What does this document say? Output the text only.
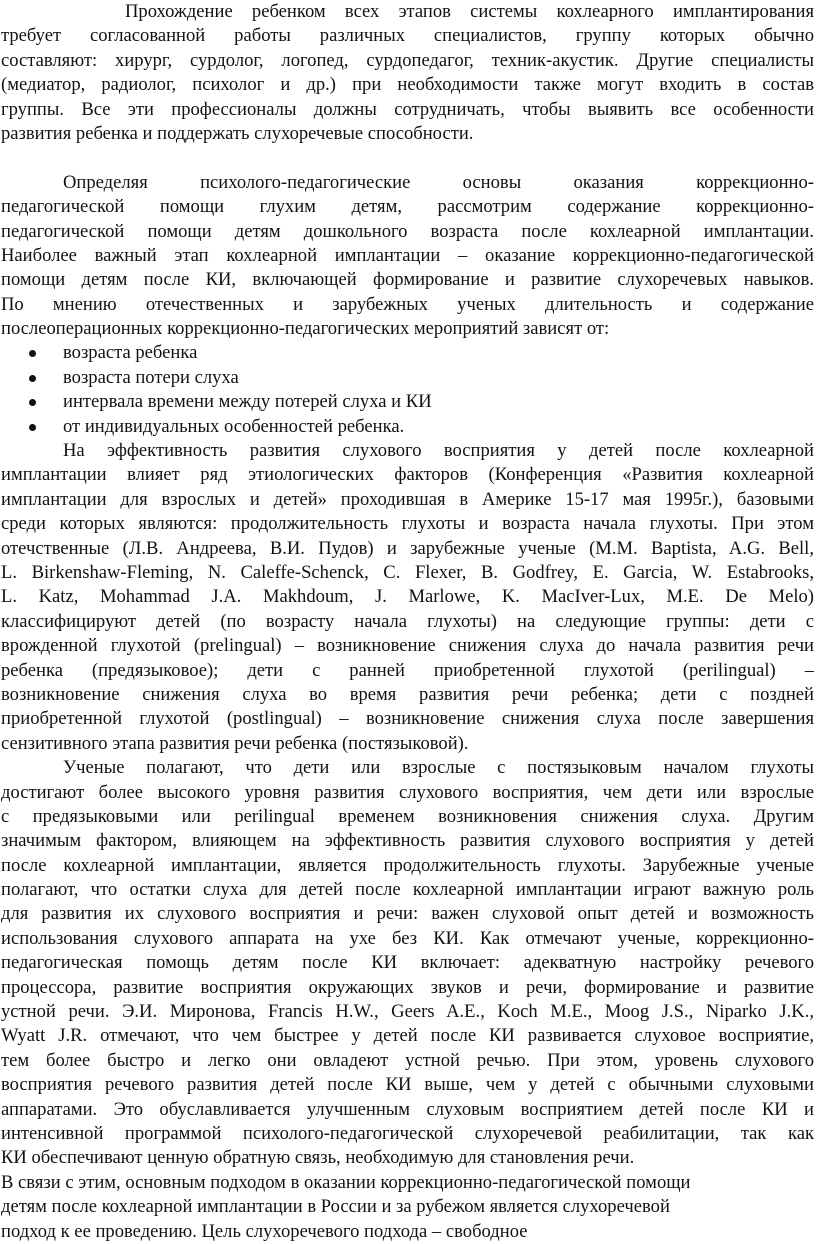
Прохождение ребенком всех этапов системы кохлеарного имплантирования
требует согласованной работы различных специалистов, группу которых обычно
составляют: хирург, сурдолог, логопед, сурдопедагог, техник-акустик. Другие специалисты
(медиатор, радиолог, психолог и др.) при необходимости также могут входить в состав
группы. Все эти профессионалы должны сотрудничать, чтобы выявить все особенности
развития ребенка и поддержать слухоречевые способности.
Определяя психолого-педагогические основы оказания коррекционно-
педагогической помощи глухим детям, рассмотрим содержание коррекционно-
педагогической помощи детям дошкольного возраста после кохлеарной имплантации.
Наиболее важный этап кохлеарной имплантации – оказание коррекционно-педагогической
помощи детям после КИ, включающей формирование и развитие слухоречевых навыков.
По мнению отечественных и зарубежных ученых длительность и содержание
послеоперационных коррекционно-педагогических мероприятий зависят от:
возраста ребенка
возраста потери слуха
интервала времени между потерей слуха и КИ
от индивидуальных особенностей ребенка.
На эффективность развития слухового восприятия у детей после кохлеарной
имплантации влияет ряд этиологических факторов (Конференция «Развития кохлеарной
имплантации для взрослых и детей» проходившая в Америке 15-17 мая 1995г.), базовыми
среди которых являются: продолжительность глухоты и возраста начала глухоты. При этом
отечственные (Л.В. Андреева, В.И. Пудов) и зарубежные ученые (M.M. Baptista, A.G. Bell,
L. Birkenshaw-Fleming, N. Caleffe-Schenck, C. Flexer, B. Godfrey, E. Garcia, W. Estabrooks,
L. Katz, Mohammad J.A. Makhdoum, J. Marlowe, K. MacIver-Lux, M.E. De Melo)
классифицируют детей (по возрасту начала глухоты) на следующие группы: дети с
врожденной глухотой (prelingual) – возникновение снижения слуха до начала развития речи
ребенка (предязыковое); дети с ранней приобретенной глухотой (perilingual) –
возникновение снижения слуха во время развития речи ребенка; дети с поздней
приобретенной глухотой (postlingual) – возникновение снижения слуха после завершения
сензитивного этапа развития речи ребенка (постязыковой).
Ученые полагают, что дети или взрослые с постязыковым началом глухоты
достигают более высокого уровня развития слухового восприятия, чем дети или взрослые
с предязыковыми или perilingual временем возникновения снижения слуха. Другим
значимым фактором, влияющем на эффективность развития слухового восприятия у детей
после кохлеарной имплантации, является продолжительность глухоты. Зарубежные ученые
полагают, что остатки слуха для детей после кохлеарной имплантации играют важную роль
для развития их слухового восприятия и речи: важен слуховой опыт детей и возможность
использования слухового аппарата на ухе без КИ. Как отмечают ученые, коррекционно-
педагогическая помощь детям после КИ включает: адекватную настройку речевого
процессора, развитие восприятия окружающих звуков и речи, формирование и развитие
устной речи. Э.И. Миронова, Francis H.W., Geers A.E., Koch M.E., Moog J.S., Niparko J.K.,
Wyatt J.R. отмечают, что чем быстрее у детей после КИ развивается слуховое восприятие,
тем более быстро и легко они овладеют устной речью. При этом, уровень слухового
восприятия речевого развития детей после КИ выше, чем у детей с обычными слуховыми
аппаратами. Это обуславливается улучшенным слуховым восприятием детей после КИ и
интенсивной программой психолого-педагогической слухоречевой реабилитации, так как
КИ обеспечивают ценную обратную связь, необходимую для становления речи.
В связи с этим, основным подходом в оказании коррекционно-педагогической помощи
детям после кохлеарной имплантации в России и за рубежом является слухоречевой
подход к ее проведению. Цель слухоречевого подхода – свободное
